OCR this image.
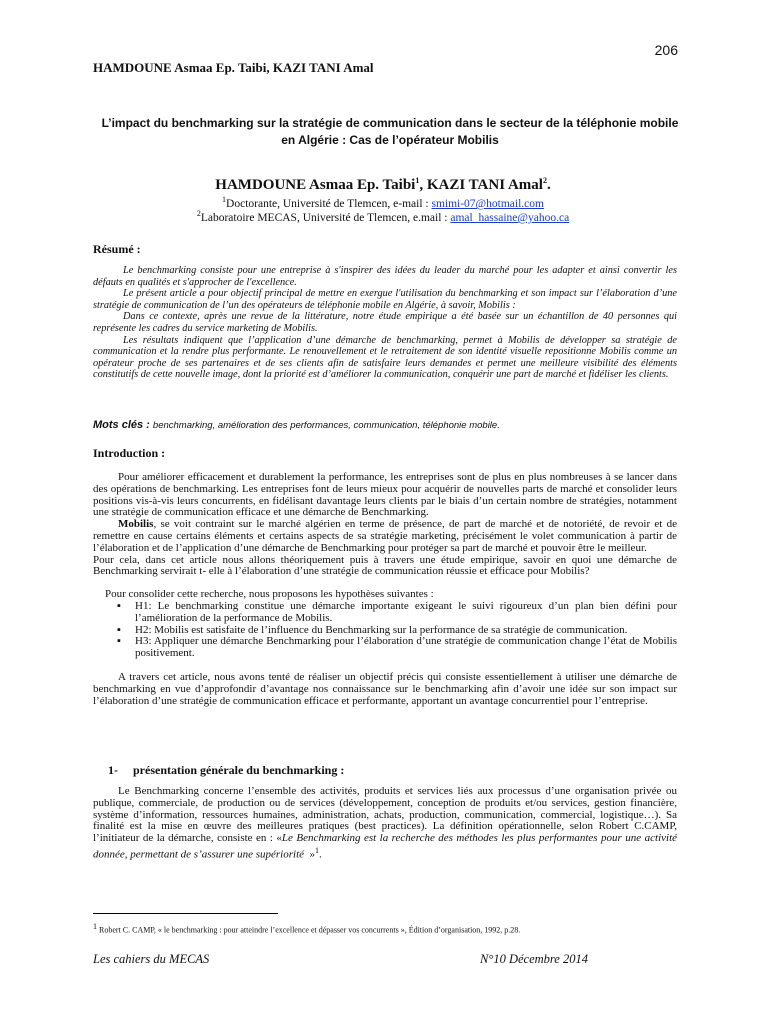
206
HAMDOUNE Asmaa Ep. Taibi, KAZI TANI Amal
L’impact du benchmarking sur la stratégie de communication dans le secteur de la téléphonie mobile en Algérie : Cas de l’opérateur Mobilis
HAMDOUNE Asmaa Ep. Taibi$^1$, KAZI TANI Amal$^2$.
$^1$Doctorante, Université de Tlemcen, e-mail : smimi-07@hotmail.com
$^2$Laboratoire MECAS, Université de Tlemcen, e.mail : amal_hassaine@yahoo.ca
Résumé :

Le benchmarking consiste pour une entreprise à s'inspirer des idées du leader du marché pour les adapter et ainsi convertir les défauts en qualités et s'approcher de l'excellence.

Le présent article a pour objectif principal de mettre en exergue l'utilisation du benchmarking et son impact sur l’élaboration d’une stratégie de communication de l’un des opérateurs de téléphonie mobile en Algérie, à savoir, Mobilis :

Dans ce contexte, après une revue de la littérature, notre étude empirique a été basée sur un échantillon de 40 personnes qui représente les cadres du service marketing de Mobilis.

Les résultats indiquent que l’application d’une démarche de benchmarking, permet à Mobilis de développer sa stratégie de communication et la rendre plus performante. Le renouvellement et le retraitement de son identité visuelle repositionne Mobilis comme un opérateur proche de ses partenaires et de ses clients afin de satisfaire leurs demandes et permet une meilleure visibilité des éléments constitutifs de cette nouvelle image, dont la priorité est d’améliorer la communication, conquérir une part de marché et fidéliser les clients.

Mots clés : benchmarking, amélioration des performances, communication, téléphonie mobile.
Introduction :

Pour améliorer efficacement et durablement la performance, les entreprises sont de plus en plus nombreuses à se lancer dans des opérations de benchmarking. Les entreprises font de leurs mieux pour acquérir de nouvelles parts de marché et consolider leurs positions vis-à-vis leurs concurrents, en fidélisant davantage leurs clients par le biais d’un certain nombre de stratégies, notamment une stratégie de communication efficace et une démarche de Benchmarking.

Mobilis, se voit contraint sur le marché algérien en terme de présence, de part de marché et de notoriété, de revoir et de remettre en cause certains éléments et certains aspects de sa stratégie marketing, précisément le volet communication à partir de l’élaboration et de l’application d’une démarche de Benchmarking pour protéger sa part de marché et pouvoir être le meilleur.

Pour cela, dans cet article nous allons théoriquement puis à travers une étude empirique, savoir en quoi une démarche de Benchmarking servirait t- elle à l’élaboration d’une stratégie de communication réussie et efficace pour Mobilis?

Pour consolider cette recherche, nous proposons les hypothèses suivantes :

▪ H1: Le benchmarking constitue une démarche importante exigeant le suivi rigoureux d’un plan bien défini pour l’amélioration de la performance de Mobilis.
▪ H2: Mobilis est satisfaite de l’influence du Benchmarking sur la performance de sa stratégie de communication.
▪ H3: Appliquer une démarche Benchmarking pour l’élaboration d’une stratégie de communication change l’état de Mobilis positivement.

A travers cet article, nous avons tenté de réaliser un objectif précis qui consiste essentiellement à utiliser une démarche de benchmarking en vue d’approfondir d’avantage nos connaissance sur le benchmarking afin d’avoir une idée sur son impact sur l’élaboration d’une stratégie de communication efficace et performante, apportant un avantage concurrentiel pour l’entreprise.

1- présentation générale du benchmarking :

Le Benchmarking concerne l’ensemble des activités, produits et services liés aux processus d’une organisation privée ou publique, commerciale, de production ou de services (développement, conception de produits et/ou services, gestion financière, système d’information, ressources humaines, administration, achats, production, communication, commercial, logistique…). Sa finalité est la mise en œuvre des meilleures pratiques (best practices). La définition opérationnelle, selon Robert C.CAMP, l’initiateur de la démarche, consiste en : «Le Benchmarking est la recherche des méthodes les plus performantes pour une activité donnée, permettant de s’assurer une supériorité »$^1$.

$^1$ Robert C. CAMP, « le benchmarking : pour atteindre l’excellence et dépasser vos concurrents », Édition d’organisation, 1992, p.28.
Les cahiers du MECAS	N°10 Décembre 2014
